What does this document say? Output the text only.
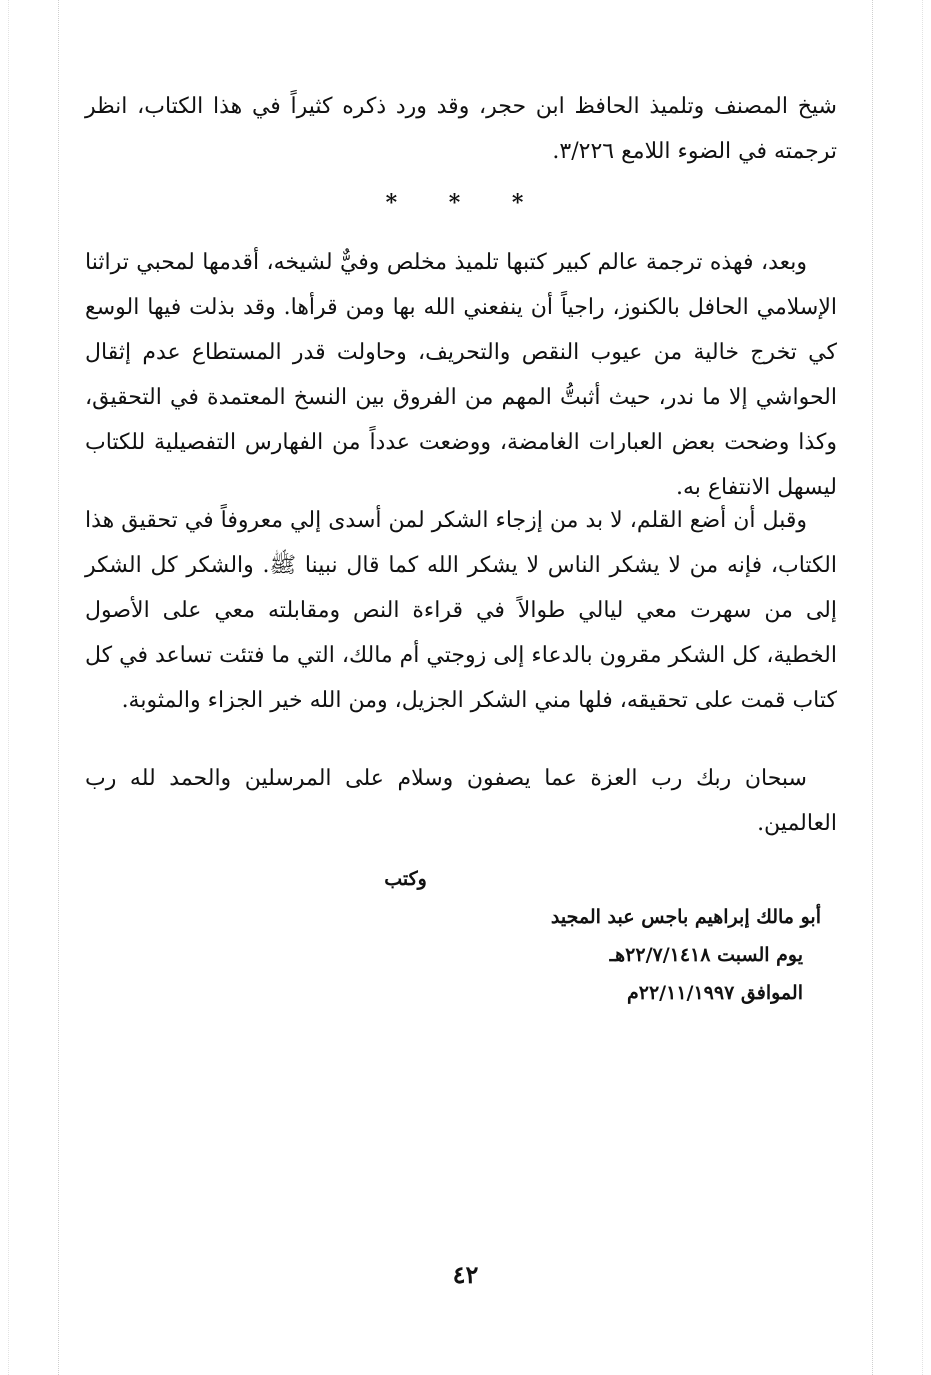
شيخ المصنف وتلميذ الحافظ ابن حجر، وقد ورد ذكره كثيراً في هذا الكتاب، انظر ترجمته في الضوء اللامع ٣/٢٢٦.

* * *

وبعد، فهذه ترجمة عالم كبير كتبها تلميذ مخلص وفيٌّ لشيخه، أقدمها لمحبي تراثنا الإسلامي الحافل بالكنوز، راجياً أن ينفعني الله بها ومن قرأها. وقد بذلت فيها الوسع كي تخرج خالية من عيوب النقص والتحريف، وحاولت قدر المستطاع عدم إثقال الحواشي إلا ما ندر، حيث أثبتُّ المهم من الفروق بين النسخ المعتمدة في التحقيق، وكذا وضحت بعض العبارات الغامضة، ووضعت عدداً من الفهارس التفصيلية للكتاب ليسهل الانتفاع به.

وقبل أن أضع القلم، لا بد من إزجاء الشكر لمن أسدى إلي معروفاً في تحقيق هذا الكتاب، فإنه من لا يشكر الناس لا يشكر الله كما قال نبينا ﷺ. والشكر كل الشكر إلى من سهرت معي ليالي طوالاً في قراءة النص ومقابلته معي على الأصول الخطية، كل الشكر مقرون بالدعاء إلى زوجتي أم مالك، التي ما فتئت تساعد في كل كتاب قمت على تحقيقه، فلها مني الشكر الجزيل، ومن الله خير الجزاء والمثوبة.

سبحان ربك رب العزة عما يصفون وسلام على المرسلين والحمد لله رب العالمين.

وكتب
أبو مالك إبراهيم باجس عبد المجيد
يوم السبت ٢٢/٧/١٤١٨هـ
الموافق ٢٢/١١/١٩٩٧م
٤٢
